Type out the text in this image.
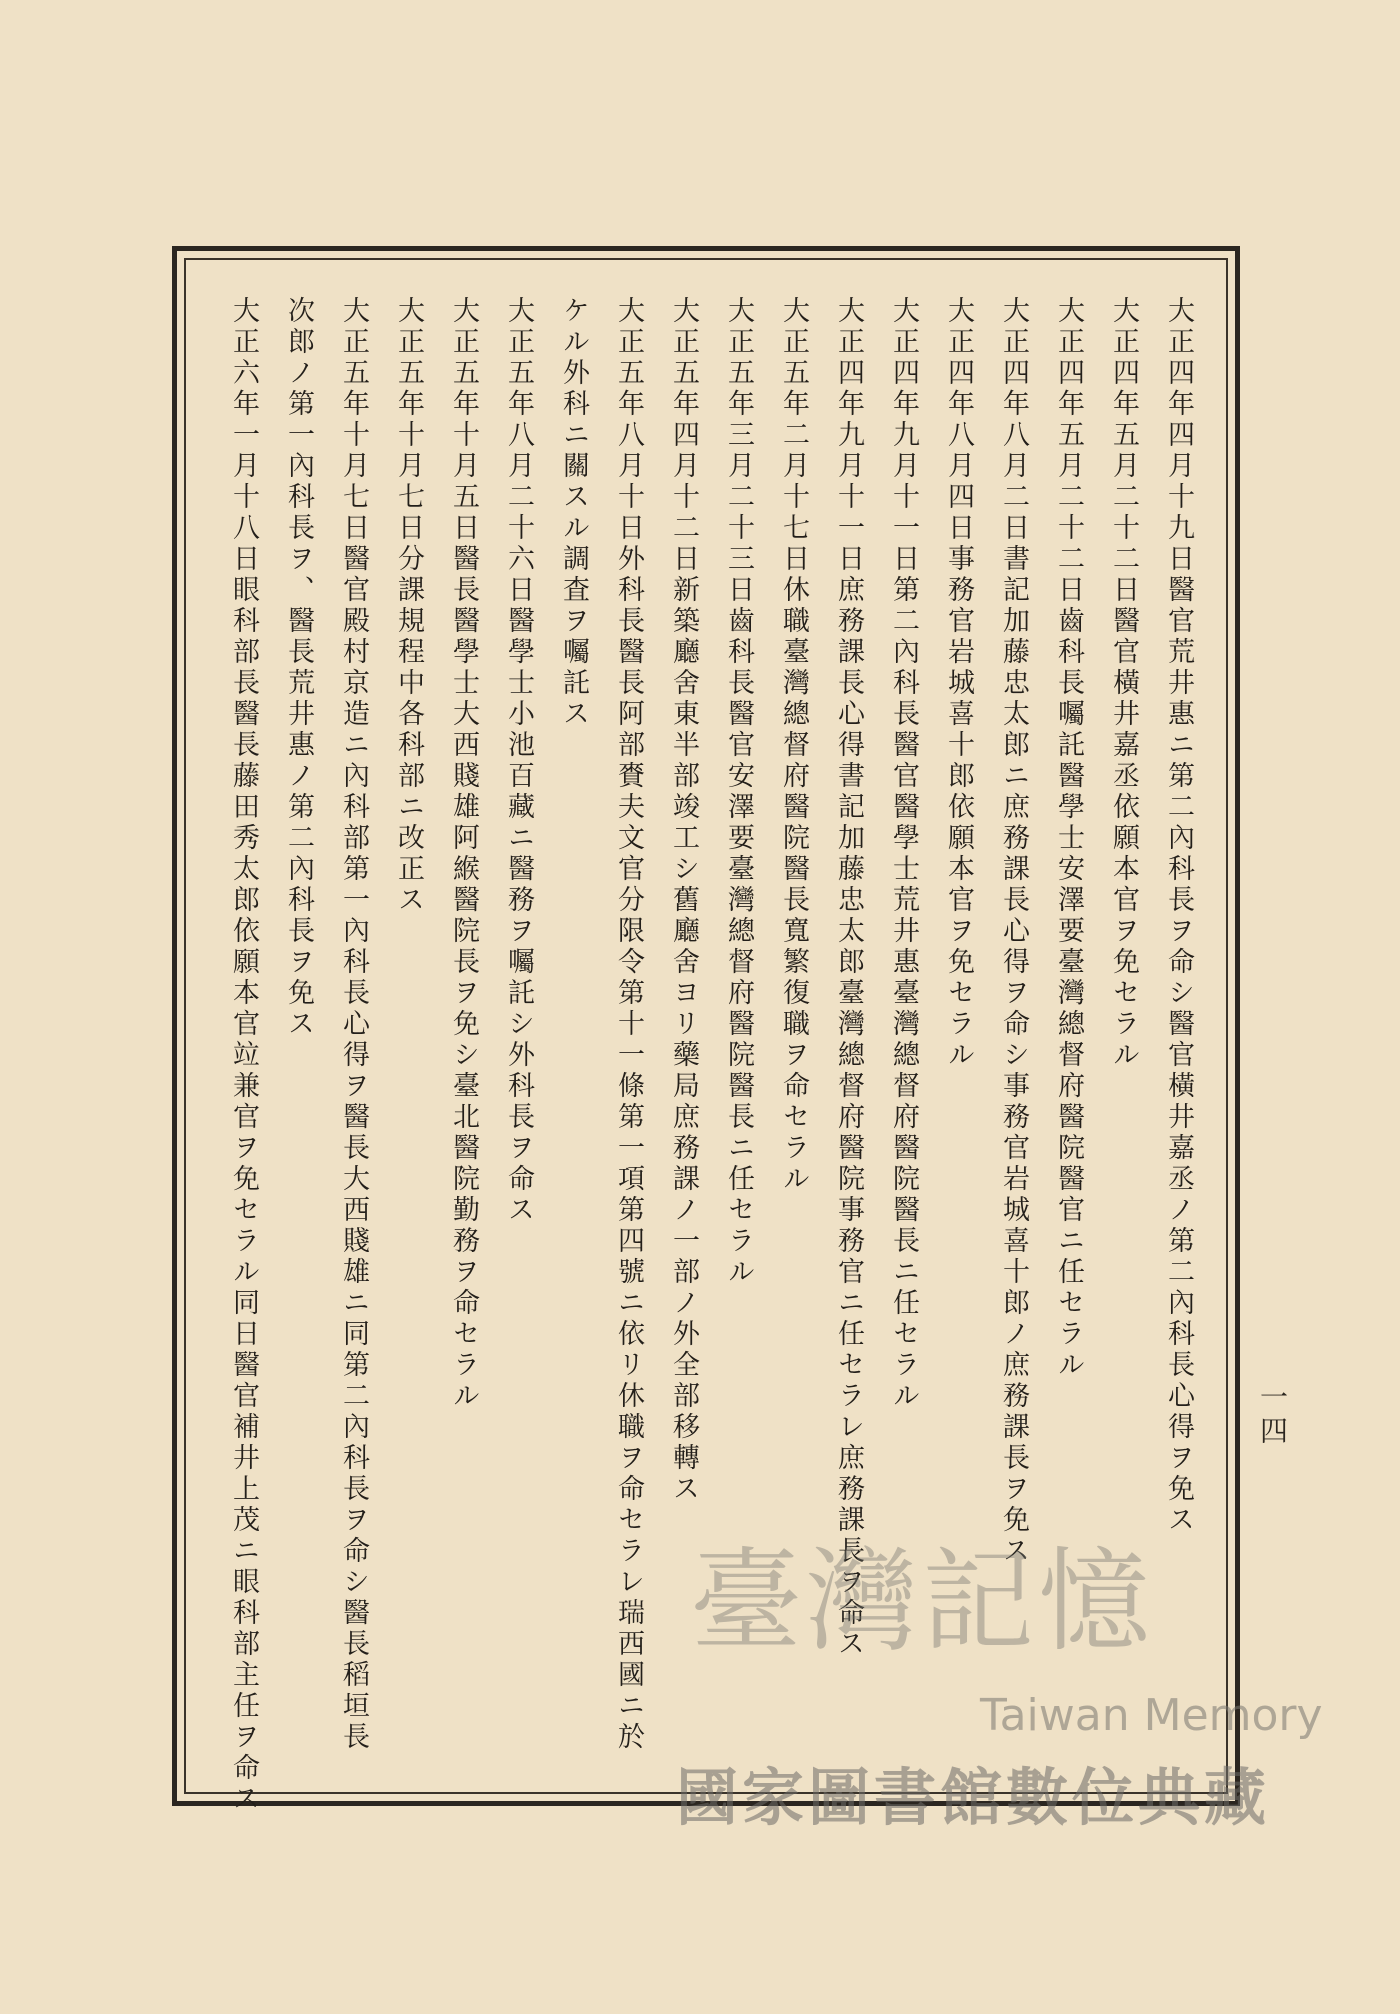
大正四年四月十九日醫官荒井惠ニ第二內科長ヲ命シ醫官橫井嘉丞ノ第二內科長心得ヲ免ス
大正四年五月二十二日醫官橫井嘉丞依願本官ヲ免セラル
大正四年五月二十二日齒科長囑託醫學士安澤要臺灣總督府醫院醫官ニ任セラル
大正四年八月二日書記加藤忠太郎ニ庶務課長心得ヲ命シ事務官岩城喜十郎ノ庶務課長ヲ免ス
大正四年八月四日事務官岩城喜十郎依願本官ヲ免セラル
大正四年九月十一日第二內科長醫官醫學士荒井惠臺灣總督府醫院醫長ニ任セラル
大正四年九月十一日庶務課長心得書記加藤忠太郎臺灣總督府醫院事務官ニ任セラレ庶務課長ヲ命ス
大正五年二月十七日休職臺灣總督府醫院醫長寬繁復職ヲ命セラル
大正五年三月二十三日齒科長醫官安澤要臺灣總督府醫院醫長ニ任セラル
大正五年四月十二日新築廳舍東半部竣工シ舊廳舍ヨリ藥局庶務課ノ一部ノ外全部移轉ス
大正五年八月十日外科長醫長阿部賚夫文官分限令第十一條第一項第四號ニ依リ休職ヲ命セラレ瑞西國ニ於ケル外科ニ關スル調査ヲ囑託ス
大正五年八月二十六日醫學士小池百藏ニ醫務ヲ囑託シ外科長ヲ命ス
大正五年十月五日醫長醫學士大西賤雄阿緱醫院長ヲ免シ臺北醫院勤務ヲ命セラル
大正五年十月七日分課規程中各科部ニ改正ス
大正五年十月七日醫官殿村京造ニ內科部第一內科長心得ヲ醫長大西賤雄ニ同第二內科長ヲ命シ醫長稻垣長次郎ノ第一內科長ヲ、醫長荒井惠ノ第二內科長ヲ免ス
大正六年一月十八日眼科部長醫長藤田秀太郎依願本官竝兼官ヲ免セラル同日醫官補井上茂ニ眼科部主任ヲ命ス	一四
臺灣記憶
Taiwan Memory
國家圖書館數位典藏
